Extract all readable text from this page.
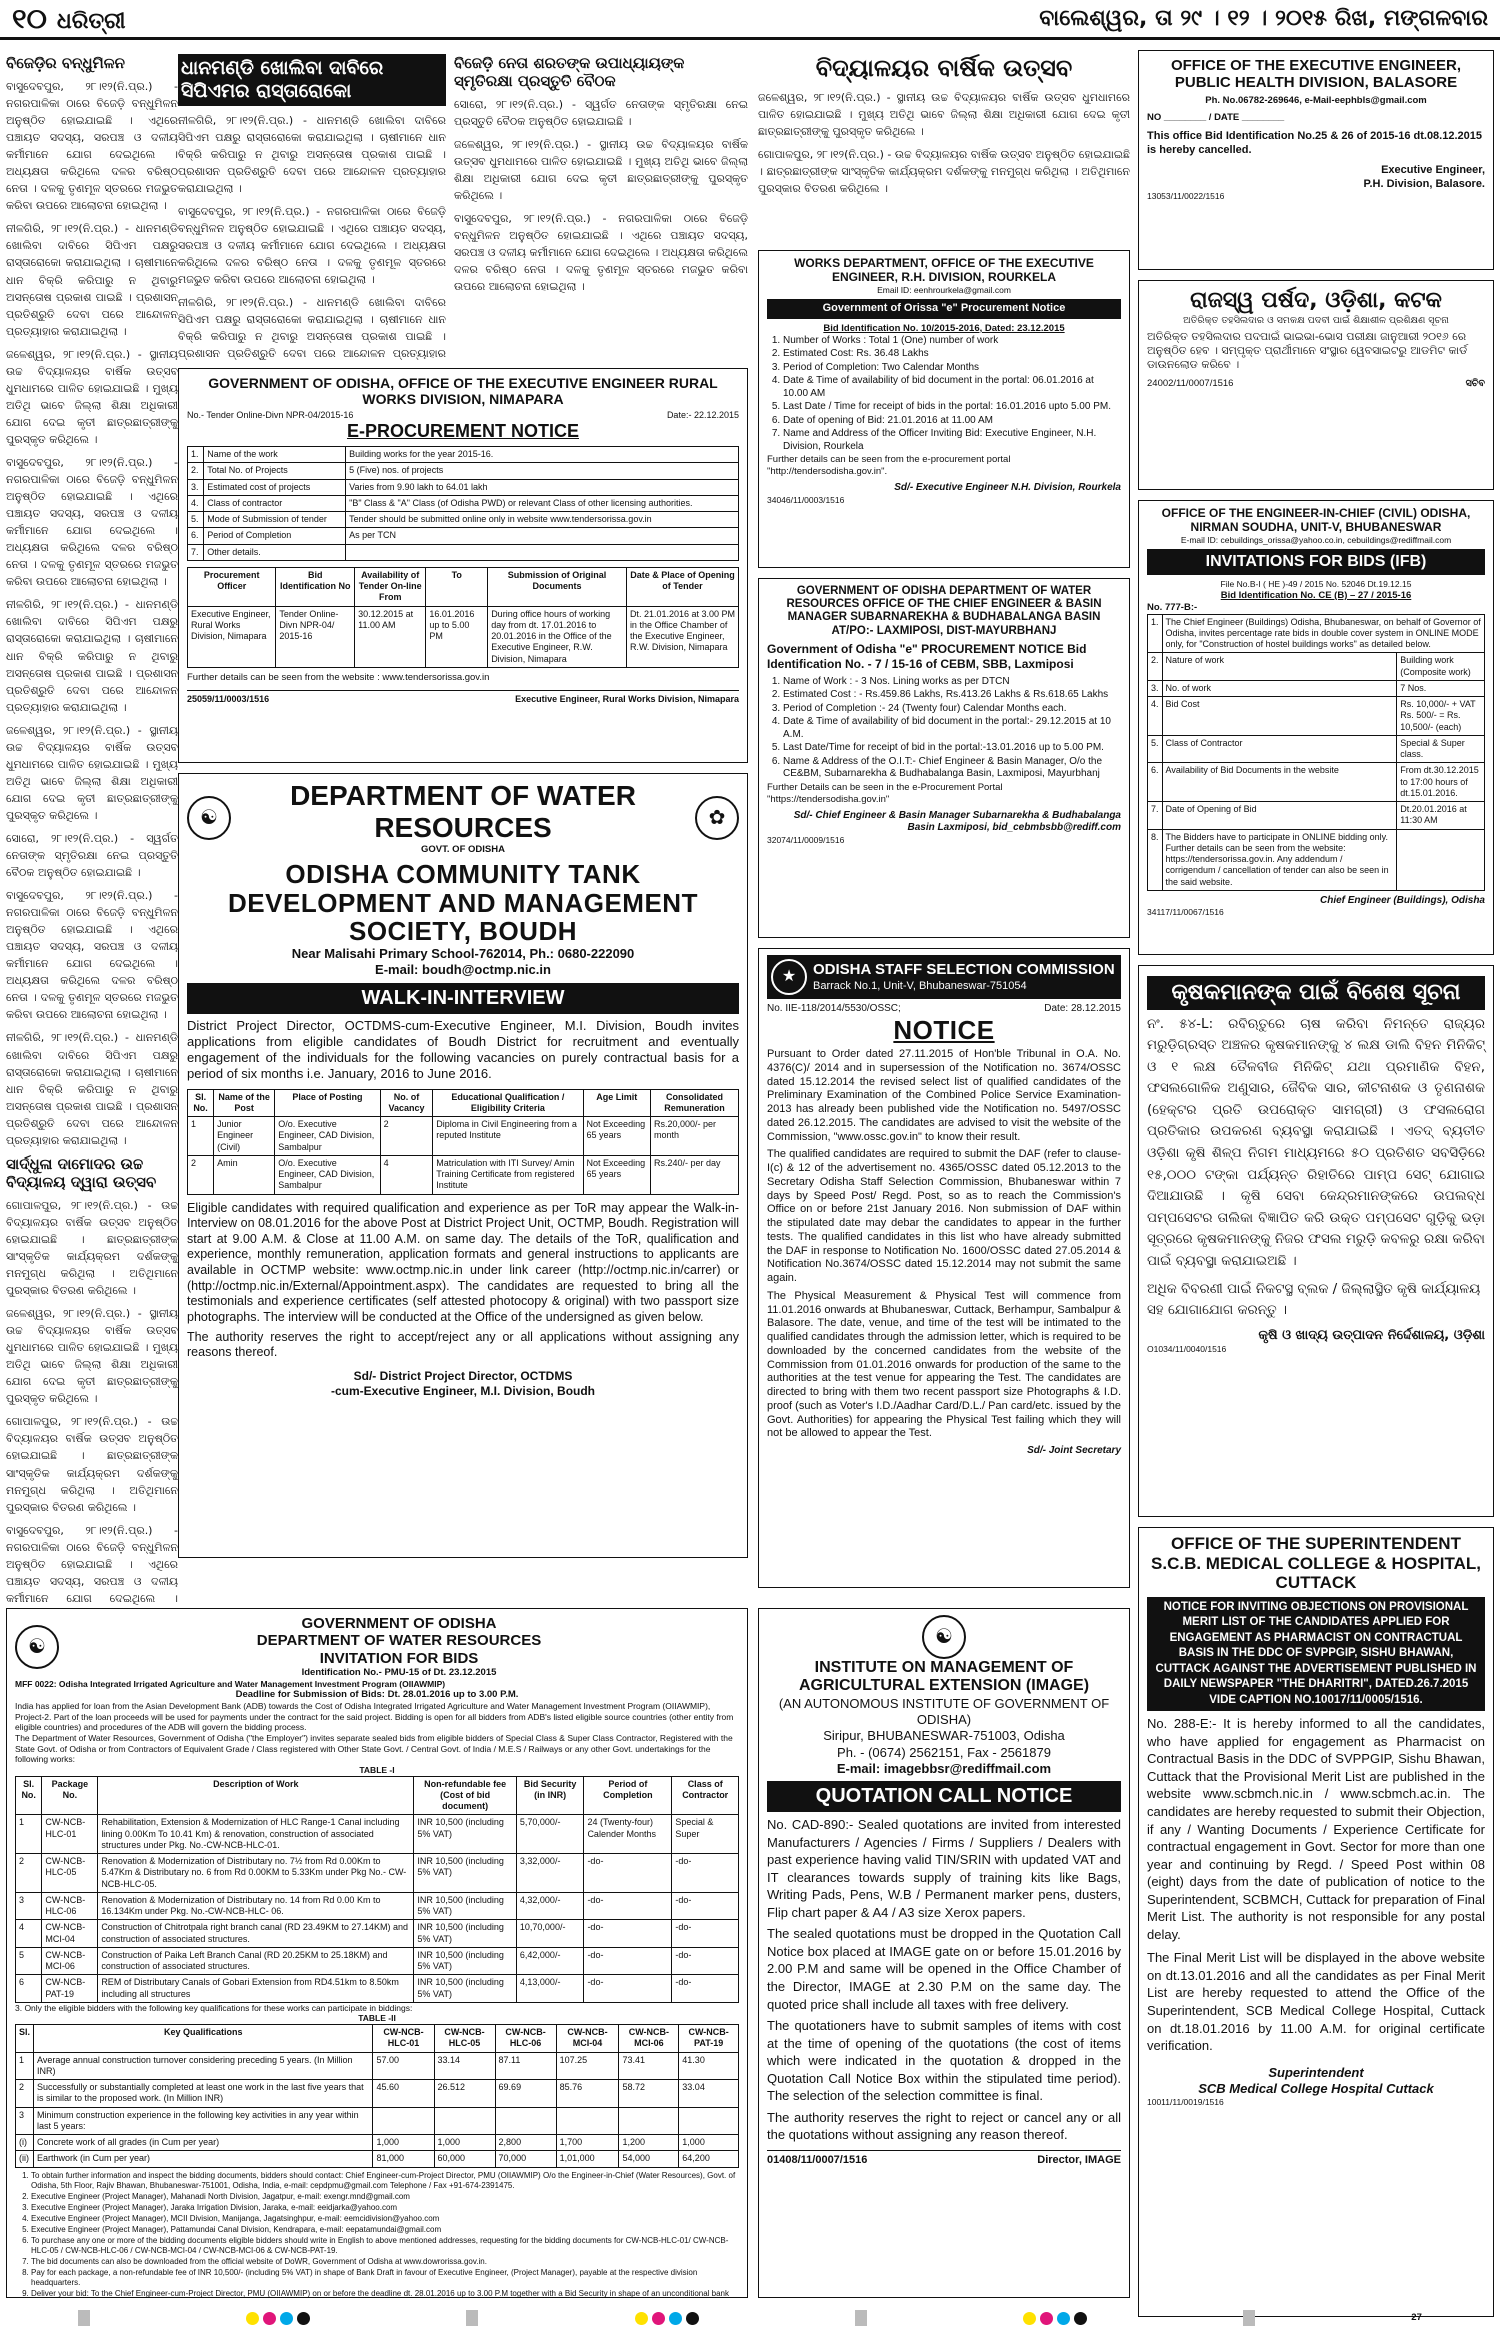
୧୦ ଧରିତ୍ରୀ	ବାଲେଶ୍ୱର, ତା ୨୯ । ୧୨ । ୨୦୧୫ ରିଖ, ମଙ୍ଗଳବାର
ବିଜେଡ଼ିର ବନ୍ଧୁମିଳନ

ବାସୁଦେବପୁର, ୨୮।୧୨(ନି.ପ୍ର.) - ନଗରପାଳିକା ଠାରେ ବିଜେଡ଼ି ବନ୍ଧୁମିଳନ ଅନୁଷ୍ଠିତ ହୋଇଯାଇଛି । ଏଥିରେ ପଞ୍ଚାୟତ ସଦସ୍ୟ, ସରପଞ୍ଚ ଓ ଦଳୀୟ କର୍ମୀମାନେ ଯୋଗ ଦେଇଥିଲେ । ଅଧ୍ୟକ୍ଷତା କରିଥିଲେ ଦଳର ବରିଷ୍ଠ ନେତା । ଦଳକୁ ତୃଣମୂଳ ସ୍ତରରେ ମଜଭୁତ କରିବା ଉପରେ ଆଲୋଚନା ହୋଇଥିଲା ।

ନୀଳଗିରି, ୨୮।୧୨(ନି.ପ୍ର.) - ଧାନମଣ୍ଡି ଖୋଲିବା ଦାବିରେ ସିପିଏମ ପକ୍ଷରୁ ରାସ୍ତାରୋକୋ କରାଯାଇଥିଲା । ଚାଷୀମାନେ ଧାନ ବିକ୍ରି କରିପାରୁ ନ ଥିବାରୁ ଅସନ୍ତୋଷ ପ୍ରକାଶ ପାଇଛି । ପ୍ରଶାସନ ପ୍ରତିଶ୍ରୁତି ଦେବା ପରେ ଆନ୍ଦୋଳନ ପ୍ରତ୍ୟାହାର କରାଯାଇଥିଲା ।

ଜଳେଶ୍ୱର, ୨୮।୧୨(ନି.ପ୍ର.) - ସ୍ଥାନୀୟ ଉଚ୍ଚ ବିଦ୍ୟାଳୟର ବାର୍ଷିକ ଉତ୍ସବ ଧୁମଧାମରେ ପାଳିତ ହୋଇଯାଇଛି । ମୁଖ୍ୟ ଅତିଥି ଭାବେ ଜିଲ୍ଲା ଶିକ୍ଷା ଅଧିକାରୀ ଯୋଗ ଦେଇ କୃତୀ ଛାତ୍ରଛାତ୍ରୀଙ୍କୁ ପୁରସ୍କୃତ କରିଥିଲେ ।

ବାସୁଦେବପୁର, ୨୮।୧୨(ନି.ପ୍ର.) - ନଗରପାଳିକା ଠାରେ ବିଜେଡ଼ି ବନ୍ଧୁମିଳନ ଅନୁଷ୍ଠିତ ହୋଇଯାଇଛି । ଏଥିରେ ପଞ୍ଚାୟତ ସଦସ୍ୟ, ସରପଞ୍ଚ ଓ ଦଳୀୟ କର୍ମୀମାନେ ଯୋଗ ଦେଇଥିଲେ । ଅଧ୍ୟକ୍ଷତା କରିଥିଲେ ଦଳର ବରିଷ୍ଠ ନେତା । ଦଳକୁ ତୃଣମୂଳ ସ୍ତରରେ ମଜଭୁତ କରିବା ଉପରେ ଆଲୋଚନା ହୋଇଥିଲା ।

ନୀଳଗିରି, ୨୮।୧୨(ନି.ପ୍ର.) - ଧାନମଣ୍ଡି ଖୋଲିବା ଦାବିରେ ସିପିଏମ ପକ୍ଷରୁ ରାସ୍ତାରୋକୋ କରାଯାଇଥିଲା । ଚାଷୀମାନେ ଧାନ ବିକ୍ରି କରିପାରୁ ନ ଥିବାରୁ ଅସନ୍ତୋଷ ପ୍ରକାଶ ପାଇଛି । ପ୍ରଶାସନ ପ୍ରତିଶ୍ରୁତି ଦେବା ପରେ ଆନ୍ଦୋଳନ ପ୍ରତ୍ୟାହାର କରାଯାଇଥିଲା ।

ଜଳେଶ୍ୱର, ୨୮।୧୨(ନି.ପ୍ର.) - ସ୍ଥାନୀୟ ଉଚ୍ଚ ବିଦ୍ୟାଳୟର ବାର୍ଷିକ ଉତ୍ସବ ଧୁମଧାମରେ ପାଳିତ ହୋଇଯାଇଛି । ମୁଖ୍ୟ ଅତିଥି ଭାବେ ଜିଲ୍ଲା ଶିକ୍ଷା ଅଧିକାରୀ ଯୋଗ ଦେଇ କୃତୀ ଛାତ୍ରଛାତ୍ରୀଙ୍କୁ ପୁରସ୍କୃତ କରିଥିଲେ ।

ସୋରୋ, ୨୮।୧୨(ନି.ପ୍ର.) - ସ୍ୱର୍ଗତ ନେତାଙ୍କ ସ୍ମୃତିରକ୍ଷା ନେଇ ପ୍ରସ୍ତୁତି ବୈଠକ ଅନୁଷ୍ଠିତ ହୋଇଯାଇଛି ।

ବାସୁଦେବପୁର, ୨୮।୧୨(ନି.ପ୍ର.) - ନଗରପାଳିକା ଠାରେ ବିଜେଡ଼ି ବନ୍ଧୁମିଳନ ଅନୁଷ୍ଠିତ ହୋଇଯାଇଛି । ଏଥିରେ ପଞ୍ଚାୟତ ସଦସ୍ୟ, ସରପଞ୍ଚ ଓ ଦଳୀୟ କର୍ମୀମାନେ ଯୋଗ ଦେଇଥିଲେ । ଅଧ୍ୟକ୍ଷତା କରିଥିଲେ ଦଳର ବରିଷ୍ଠ ନେତା । ଦଳକୁ ତୃଣମୂଳ ସ୍ତରରେ ମଜଭୁତ କରିବା ଉପରେ ଆଲୋଚନା ହୋଇଥିଲା ।

ନୀଳଗିରି, ୨୮।୧୨(ନି.ପ୍ର.) - ଧାନମଣ୍ଡି ଖୋଲିବା ଦାବିରେ ସିପିଏମ ପକ୍ଷରୁ ରାସ୍ତାରୋକୋ କରାଯାଇଥିଲା । ଚାଷୀମାନେ ଧାନ ବିକ୍ରି କରିପାରୁ ନ ଥିବାରୁ ଅସନ୍ତୋଷ ପ୍ରକାଶ ପାଇଛି । ପ୍ରଶାସନ ପ୍ରତିଶ୍ରୁତି ଦେବା ପରେ ଆନ୍ଦୋଳନ ପ୍ରତ୍ୟାହାର କରାଯାଇଥିଲା ।

ସାର୍ଦ୍ଧୁଳା ଦାମୋଦର ଉଚ୍ଚ ବିଦ୍ୟାଳୟ ଦ୍ୱାରା ଉତ୍ସବ

ଗୋପାଳପୁର, ୨୮।୧୨(ନି.ପ୍ର.) - ଉଚ୍ଚ ବିଦ୍ୟାଳୟର ବାର୍ଷିକ ଉତ୍ସବ ଅନୁଷ୍ଠିତ ହୋଇଯାଇଛି । ଛାତ୍ରଛାତ୍ରୀଙ୍କ ସାଂସ୍କୃତିକ କାର୍ଯ୍ୟକ୍ରମ ଦର୍ଶକଙ୍କୁ ମନମୁଗ୍ଧ କରିଥିଲା । ଅତିଥିମାନେ ପୁରସ୍କାର ବିତରଣ କରିଥିଲେ ।

ଜଳେଶ୍ୱର, ୨୮।୧୨(ନି.ପ୍ର.) - ସ୍ଥାନୀୟ ଉଚ୍ଚ ବିଦ୍ୟାଳୟର ବାର୍ଷିକ ଉତ୍ସବ ଧୁମଧାମରେ ପାଳିତ ହୋଇଯାଇଛି । ମୁଖ୍ୟ ଅତିଥି ଭାବେ ଜିଲ୍ଲା ଶିକ୍ଷା ଅଧିକାରୀ ଯୋଗ ଦେଇ କୃତୀ ଛାତ୍ରଛାତ୍ରୀଙ୍କୁ ପୁରସ୍କୃତ କରିଥିଲେ ।

ଗୋପାଳପୁର, ୨୮।୧୨(ନି.ପ୍ର.) - ଉଚ୍ଚ ବିଦ୍ୟାଳୟର ବାର୍ଷିକ ଉତ୍ସବ ଅନୁଷ୍ଠିତ ହୋଇଯାଇଛି । ଛାତ୍ରଛାତ୍ରୀଙ୍କ ସାଂସ୍କୃତିକ କାର୍ଯ୍ୟକ୍ରମ ଦର୍ଶକଙ୍କୁ ମନମୁଗ୍ଧ କରିଥିଲା । ଅତିଥିମାନେ ପୁରସ୍କାର ବିତରଣ କରିଥିଲେ ।

ବାସୁଦେବପୁର, ୨୮।୧୨(ନି.ପ୍ର.) - ନଗରପାଳିକା ଠାରେ ବିଜେଡ଼ି ବନ୍ଧୁମିଳନ ଅନୁଷ୍ଠିତ ହୋଇଯାଇଛି । ଏଥିରେ ପଞ୍ଚାୟତ ସଦସ୍ୟ, ସରପଞ୍ଚ ଓ ଦଳୀୟ କର୍ମୀମାନେ ଯୋଗ ଦେଇଥିଲେ ।

ଧାନମଣ୍ଡି ଖୋଲିବା ଦାବିରେ ସିପିଏମର ରାସ୍ତାରୋକୋ

ନୀଳଗିରି, ୨୮।୧୨(ନି.ପ୍ର.) - ଧାନମଣ୍ଡି ଖୋଲିବା ଦାବିରେ ସିପିଏମ ପକ୍ଷରୁ ରାସ୍ତାରୋକୋ କରାଯାଇଥିଲା । ଚାଷୀମାନେ ଧାନ ବିକ୍ରି କରିପାରୁ ନ ଥିବାରୁ ଅସନ୍ତୋଷ ପ୍ରକାଶ ପାଇଛି । ପ୍ରଶାସନ ପ୍ରତିଶ୍ରୁତି ଦେବା ପରେ ଆନ୍ଦୋଳନ ପ୍ରତ୍ୟାହାର କରାଯାଇଥିଲା ।

ବାସୁଦେବପୁର, ୨୮।୧୨(ନି.ପ୍ର.) - ନଗରପାଳିକା ଠାରେ ବିଜେଡ଼ି ବନ୍ଧୁମିଳନ ଅନୁଷ୍ଠିତ ହୋଇଯାଇଛି । ଏଥିରେ ପଞ୍ଚାୟତ ସଦସ୍ୟ, ସରପଞ୍ଚ ଓ ଦଳୀୟ କର୍ମୀମାନେ ଯୋଗ ଦେଇଥିଲେ । ଅଧ୍ୟକ୍ଷତା କରିଥିଲେ ଦଳର ବରିଷ୍ଠ ନେତା । ଦଳକୁ ତୃଣମୂଳ ସ୍ତରରେ ମଜଭୁତ କରିବା ଉପରେ ଆଲୋଚନା ହୋଇଥିଲା ।

ନୀଳଗିରି, ୨୮।୧୨(ନି.ପ୍ର.) - ଧାନମଣ୍ଡି ଖୋଲିବା ଦାବିରେ ସିପିଏମ ପକ୍ଷରୁ ରାସ୍ତାରୋକୋ କରାଯାଇଥିଲା । ଚାଷୀମାନେ ଧାନ ବିକ୍ରି କରିପାରୁ ନ ଥିବାରୁ ଅସନ୍ତୋଷ ପ୍ରକାଶ ପାଇଛି । ପ୍ରଶାସନ ପ୍ରତିଶ୍ରୁତି ଦେବା ପରେ ଆନ୍ଦୋଳନ ପ୍ରତ୍ୟାହାର

ବିଜେଡ଼ି ନେତା ଶରତଙ୍କ ଉପାଧ୍ୟାୟଙ୍କ ସ୍ମୃତିରକ୍ଷା ପ୍ରସ୍ତୁତି ବୈଠକ

ସୋରୋ, ୨୮।୧୨(ନି.ପ୍ର.) - ସ୍ୱର୍ଗତ ନେତାଙ୍କ ସ୍ମୃତିରକ୍ଷା ନେଇ ପ୍ରସ୍ତୁତି ବୈଠକ ଅନୁଷ୍ଠିତ ହୋଇଯାଇଛି ।

ଜଳେଶ୍ୱର, ୨୮।୧୨(ନି.ପ୍ର.) - ସ୍ଥାନୀୟ ଉଚ୍ଚ ବିଦ୍ୟାଳୟର ବାର୍ଷିକ ଉତ୍ସବ ଧୁମଧାମରେ ପାଳିତ ହୋଇଯାଇଛି । ମୁଖ୍ୟ ଅତିଥି ଭାବେ ଜିଲ୍ଲା ଶିକ୍ଷା ଅଧିକାରୀ ଯୋଗ ଦେଇ କୃତୀ ଛାତ୍ରଛାତ୍ରୀଙ୍କୁ ପୁରସ୍କୃତ କରିଥିଲେ ।

ବାସୁଦେବପୁର, ୨୮।୧୨(ନି.ପ୍ର.) - ନଗରପାଳିକା ଠାରେ ବିଜେଡ଼ି ବନ୍ଧୁମିଳନ ଅନୁଷ୍ଠିତ ହୋଇଯାଇଛି । ଏଥିରେ ପଞ୍ଚାୟତ ସଦସ୍ୟ, ସରପଞ୍ଚ ଓ ଦଳୀୟ କର୍ମୀମାନେ ଯୋଗ ଦେଇଥିଲେ । ଅଧ୍ୟକ୍ଷତା କରିଥିଲେ ଦଳର ବରିଷ୍ଠ ନେତା । ଦଳକୁ ତୃଣମୂଳ ସ୍ତରରେ ମଜଭୁତ କରିବା ଉପରେ ଆଲୋଚନା ହୋଇଥିଲା ।

GOVERNMENT OF ODISHA, OFFICE OF THE EXECUTIVE ENGINEER RURAL WORKS DIVISION, NIMAPARA
No.- Tender Online-Divn NPR-04/2015-16	Date:- 22.12.2015
E-PROCUREMENT NOTICE
1.	Name of the work	Building works for the year 2015-16.
2.	Total No. of Projects	5 (Five) nos. of projects
3.	Estimated cost of projects	Varies from 9.90 lakh to 64.01 lakh
4.	Class of contractor	"B" Class & "A" Class (of Odisha PWD) or relevant Class of other licensing authorities.
5.	Mode of Submission of tender	Tender should be submitted online only in website www.tendersorissa.gov.in
6.	Period of Completion	As per TCN
7.	Other details.	
Procurement Officer	Bid Identification No	Availability of Tender On-line From	To	Submission of Original Documents	Date & Place of Opening of Tender
Executive Engineer, Rural Works Division, Nimapara	Tender Online-Divn NPR-04/ 2015-16	30.12.2015 at 11.00 AM	16.01.2016 up to 5.00 PM	During office hours of working day from dt. 17.01.2016 to 20.01.2016 in the Office of the Executive Engineer, R.W. Division, Nimapara	Dt. 21.01.2016 at 3.00 PM in the Office Chamber of the Executive Engineer, R.W. Division, Nimapara
Further details can be seen from the website : www.tendersorissa.gov.in
25059/11/0003/1516	Executive Engineer, Rural Works Division, Nimapara
☯
DEPARTMENT OF WATER RESOURCES
GOVT. OF ODISHA
✿
ODISHA COMMUNITY TANK DEVELOPMENT AND MANAGEMENT SOCIETY, BOUDH
Near Malisahi Primary School-762014, Ph.: 0680-222090
E-mail: boudh@octmp.nic.in
WALK-IN-INTERVIEW

District Project Director, OCTDMS-cum-Executive Engineer, M.I. Division, Boudh invites applications from eligible candidates of Boudh District for recruitment and eventually engagement of the individuals for the following vacancies on purely contractual basis for a period of six months i.e. January, 2016 to June 2016.

Sl. No.	Name of the Post	Place of Posting	No. of Vacancy	Educational Qualification / Eligibility Criteria	Age Limit	Consolidated Remuneration
1	Junior Engineer (Civil)	O/o. Executive Engineer, CAD Division, Sambalpur	2	Diploma in Civil Engineering from a reputed Institute	Not Exceeding 65 years	Rs.20,000/- per month
2	Amin	O/o. Executive Engineer, CAD Division, Sambalpur	4	Matriculation with ITI Survey/ Amin Training Certificate from registered Institute	Not Exceeding 65 years	Rs.240/- per day

Eligible candidates with required qualification and experience as per ToR may appear the Walk-in-Interview on 08.01.2016 for the above Post at District Project Unit, OCTMP, Boudh. Registration will start at 9.00 A.M. & Close at 11.00 A.M. on same day. The details of the ToR, qualification and experience, monthly remuneration, application formats and general instructions to applicants are available in OCTMP website: www.octmp.nic.in under link career (http://octmp.nic.in/carrer) or (http://octmp.nic.in/External/Appointment.aspx). The candidates are requested to bring all the testimonials and experience certificates (self attested photocopy & original) with two passport size photographs. The interview will be conducted at the Office of the undersigned as given below.

The authority reserves the right to accept/reject any or all applications without assigning any reasons thereof.

Sd/- District Project Director, OCTDMS
-cum-Executive Engineer, M.I. Division, Boudh
ବିଦ୍ୟାଳୟର ବାର୍ଷିକ ଉତ୍ସବ

ଜଳେଶ୍ୱର, ୨୮।୧୨(ନି.ପ୍ର.) - ସ୍ଥାନୀୟ ଉଚ୍ଚ ବିଦ୍ୟାଳୟର ବାର୍ଷିକ ଉତ୍ସବ ଧୁମଧାମରେ ପାଳିତ ହୋଇଯାଇଛି । ମୁଖ୍ୟ ଅତିଥି ଭାବେ ଜିଲ୍ଲା ଶିକ୍ଷା ଅଧିକାରୀ ଯୋଗ ଦେଇ କୃତୀ ଛାତ୍ରଛାତ୍ରୀଙ୍କୁ ପୁରସ୍କୃତ କରିଥିଲେ ।

ଗୋପାଳପୁର, ୨୮।୧୨(ନି.ପ୍ର.) - ଉଚ୍ଚ ବିଦ୍ୟାଳୟର ବାର୍ଷିକ ଉତ୍ସବ ଅନୁଷ୍ଠିତ ହୋଇଯାଇଛି । ଛାତ୍ରଛାତ୍ରୀଙ୍କ ସାଂସ୍କୃତିକ କାର୍ଯ୍ୟକ୍ରମ ଦର୍ଶକଙ୍କୁ ମନମୁଗ୍ଧ କରିଥିଲା । ଅତିଥିମାନେ ପୁରସ୍କାର ବିତରଣ କରିଥିଲେ ।

WORKS DEPARTMENT, OFFICE OF THE EXECUTIVE ENGINEER, R.H. DIVISION, ROURKELA
Email ID: eenhrourkela@gmail.com
Government of Orissa "e" Procurement Notice
Bid Identification No. 10/2015-2016, Dated: 23.12.2015
1. Number of Works : Total 1 (One) number of work
2. Estimated Cost: Rs. 36.48 Lakhs
3. Period of Completion: Two Calendar Months
4. Date & Time of availability of bid document in the portal: 06.01.2016 at 10.00 AM
5. Last Date / Time for receipt of bids in the portal: 16.01.2016 upto 5.00 PM.
6. Date of opening of Bid: 21.01.2016 at 11.00 AM
7. Name and Address of the Officer Inviting Bid: Executive Engineer, N.H. Division, Rourkela
Further details can be seen from the e-procurement portal "http://tendersodisha.gov.in".
Sd/- Executive Engineer N.H. Division, Rourkela
34046/11/0003/1516
GOVERNMENT OF ODISHA DEPARTMENT OF WATER RESOURCES OFFICE OF THE CHIEF ENGINEER & BASIN MANAGER SUBARNAREKHA & BUDHABALANGA BASIN AT/PO:- LAXMIPOSI, DIST-MAYURBHANJ
Government of Odisha "e" PROCUREMENT NOTICE Bid Identification No. - 7 / 15-16 of CEBM, SBB, Laxmiposi
1. Name of Work : - 3 Nos. Lining works as per DTCN
2. Estimated Cost : - Rs.459.86 Lakhs, Rs.413.26 Lakhs & Rs.618.65 Lakhs
3. Period of Completion :- 24 (Twenty four) Calendar Months each.
4. Date & Time of availability of bid document in the portal:- 29.12.2015 at 10 A.M.
5. Last Date/Time for receipt of bid in the portal:-13.01.2016 up to 5.00 PM.
6. Name & Address of the O.I.T:- Chief Engineer & Basin Manager, O/o the CE&BM, Subarnarekha & Budhabalanga Basin, Laxmiposi, Mayurbhanj
Further Details can be seen in the e-Procurement Portal "https://tendersodisha.gov.in"
Sd/- Chief Engineer & Basin Manager Subarnarekha & Budhabalanga Basin Laxmiposi, bid_cebmbsbb@rediff.com
32074/11/0009/1516
★	ODISHA STAFF SELECTION COMMISSION
Barrack No.1, Unit-V, Bhubaneswar-751054
No. IIE-118/2014/5530/OSSC;	Date: 28.12.2015
NOTICE

Pursuant to Order dated 27.11.2015 of Hon'ble Tribunal in O.A. No. 4376(C)/ 2014 and in supersession of the Notification no. 3674/OSSC dated 15.12.2014 the revised select list of qualified candidates of the Preliminary Examination of the Combined Police Service Examination-2013 has already been published vide the Notification no. 5497/OSSC dated 26.12.2015. The candidates are advised to visit the website of the Commission, "www.ossc.gov.in" to know their result.

The qualified candidates are required to submit the DAF (refer to clause-I(c) & 12 of the advertisement no. 4365/OSSC dated 05.12.2013 to the Secretary Odisha Staff Selection Commission, Bhubaneswar within 7 days by Speed Post/ Regd. Post, so as to reach the Commission's Office on or before 21st January 2016. Non submission of DAF within the stipulated date may debar the candidates to appear in the further tests. The qualified candidates in this list who have already submitted the DAF in response to Notification No. 1600/OSSC dated 27.05.2014 & Notification No.3674/OSSC dated 15.12.2014 may not submit the same again.

The Physical Measurement & Physical Test will commence from 11.01.2016 onwards at Bhubaneswar, Cuttack, Berhampur, Sambalpur & Balasore. The date, venue, and time of the test will be intimated to the qualified candidates through the admission letter, which is required to be downloaded by the concerned candidates from the website of the Commission from 01.01.2016 onwards for production of the same to the authorities at the test venue for appearing the Test. The candidates are directed to bring with them two recent passport size Photographs & I.D. proof (such as Voter's I.D./Aadhar Card/D.L./ Pan card/etc. issued by the Govt. Authorities) for appearing the Physical Test failing which they will not be allowed to appear the Test.

Sd/- Joint Secretary
OFFICE OF THE EXECUTIVE ENGINEER, PUBLIC HEALTH DIVISION, BALASORE
Ph. No.06782-269646, e-Mail-eephbls@gmail.com
NO ________ / DATE ________

This office Bid Identification No.25 & 26 of 2015-16 dt.08.12.2015 is hereby cancelled.

Executive Engineer,
P.H. Division, Balasore.
13053/11/0022/1516
ରାଜସ୍ୱ ପର୍ଷଦ, ଓଡ଼ିଶା, କଟକ
ଅତିରିକ୍ତ ତହସିଲଦାର ଓ ସମକକ୍ଷ ପଦବୀ ପାଇଁ ଶିକ୍ଷାଶୀଳ ପ୍ରଶିକ୍ଷଣ ସୂଚନା

ଅତିରିକ୍ତ ତହସିଲଦାର ପଦପାଇଁ ଭାଇଭା-ଭୋସ ପରୀକ୍ଷା ଜାନୁଆରୀ ୨୦୧୬ ରେ ଅନୁଷ୍ଠିତ ହେବ । ସମ୍ପୃକ୍ତ ପ୍ରାର୍ଥୀମାନେ ସଂସ୍ଥାର ୱେବସାଇଟରୁ ଆଡମିଟ କାର୍ଡ ଡାଉନଲୋଡ କରିବେ ।

24002/11/0007/1516	ସଚିବ
OFFICE OF THE ENGINEER-IN-CHIEF (CIVIL) ODISHA, NIRMAN SOUDHA, UNIT-V, BHUBANESWAR
E-mail ID: cebuildings_orissa@yahoo.co.in, cebuildings@rediffmail.com
INVITATIONS FOR BIDS (IFB)
File No.B-I ( HE )-49 / 2015 No. 52046 Dt.19.12.15
Bid Identification No. CE (B) – 27 / 2015-16
No. 777-B:-
1.	The Chief Engineer (Buildings) Odisha, Bhubaneswar, on behalf of Governor of Odisha, invites percentage rate bids in double cover system in ONLINE MODE only, for "Construction of hostel buildings works" as detailed below.	
2.	Nature of work	Building work (Composite work)
3.	No. of work	7 Nos.
4.	Bid Cost	Rs. 10,000/- + VAT Rs. 500/- = Rs. 10,500/- (each)
5.	Class of Contractor	Special & Super class.
6.	Availability of Bid Documents in the website	From dt.30.12.2015 to 17:00 hours of dt.15.01.2016.
7.	Date of Opening of Bid	Dt.20.01.2016 at 11:30 AM
8.	The Bidders have to participate in ONLINE bidding only. Further details can be seen from the website: https://tendersorissa.gov.in. Any addendum / corrigendum / cancellation of tender can also be seen in the said website.	
Chief Engineer (Buildings), Odisha
34117/11/0067/1516
କୃଷକମାନଙ୍କ ପାଇଁ ବିଶେଷ ସୂଚନା

ନଂ. ୫୪-L: ରବିଋତୁରେ ଚାଷ କରିବା ନିମନ୍ତେ ରାଜ୍ୟର ମରୁଡ଼ିଗ୍ରସ୍ତ ଅଞ୍ଚଳର କୃଷକମାନଙ୍କୁ ୪ ଲକ୍ଷ ଡାଲି ବିହନ ମିନିକିଟ୍ ଓ ୧ ଲକ୍ଷ ତୈଳବୀଜ ମିନିକିଟ୍ ଯଥା ପ୍ରମାଣିକ ବିହନ, ଫସଲଗୋଳିକ ଅଣୁସାର, ଜୈବିକ ସାର, କୀଟନାଶକ ଓ ତୃଣନାଶକ (ହେକ୍ଟର ପ୍ରତି ଉପରୋକ୍ତ ସାମଗ୍ରୀ) ଓ ଫସଲରୋଗ ପ୍ରତିକାର ଉପକରଣ ବ୍ୟବସ୍ଥା କରାଯାଇଛି । ଏତଦ୍ ବ୍ୟତୀତ ଓଡ଼ିଶା କୃଷି ଶିଳ୍ପ ନିଗମ ମାଧ୍ୟମରେ ୫୦ ପ୍ରତିଶତ ସବସିଡ଼ିରେ ୧୫,୦୦୦ ଟଙ୍କା ପର୍ଯ୍ୟନ୍ତ ରିହାତିରେ ପାମ୍ପ ସେଟ୍ ଯୋଗାଇ ଦିଆଯାଉଛି । କୃଷି ସେବା କେନ୍ଦ୍ରମାନଙ୍କରେ ଉପଲବ୍ଧ ପମ୍ପସେଟର ତାଲିକା ବିଜ୍ଞାପିତ କରି ଉକ୍ତ ପମ୍ପସେଟ ଗୁଡ଼ିକୁ ଭଡ଼ା ସୂତ୍ରରେ କୃଷକମାନଙ୍କୁ ନିଜର ଫସଲ ମରୁଡ଼ି କବଳରୁ ରକ୍ଷା କରିବା ପାଇଁ ବ୍ୟବସ୍ଥା କରାଯାଇଅଛି ।

ଅଧିକ ବିବରଣୀ ପାଇଁ ନିକଟସ୍ଥ ବ୍ଲକ / ଜିଲ୍ଲାସ୍ଥିତ କୃଷି କାର୍ଯ୍ୟାଳୟ ସହ ଯୋଗାଯୋଗ କରନ୍ତୁ ।

କୃଷି ଓ ଖାଦ୍ୟ ଉତ୍ପାଦନ ନିର୍ଦ୍ଦେଶାଳୟ, ଓଡ଼ିଶା
O1034/11/0040/1516
OFFICE OF THE SUPERINTENDENT
S.C.B. MEDICAL COLLEGE & HOSPITAL, CUTTACK
NOTICE FOR INVITING OBJECTIONS ON PROVISIONAL MERIT LIST OF THE CANDIDATES APPLIED FOR ENGAGEMENT AS PHARMACIST ON CONTRACTUAL BASIS IN THE DDC OF SVPPGIP, SISHU BHAWAN, CUTTACK AGAINST THE ADVERTISEMENT PUBLISHED IN DAILY NEWSPAPER "THE DHARITRI", DATED.26.7.2015 VIDE CAPTION NO.10017/11/0005/1516.

No. 288-E:- It is hereby informed to all the candidates, who have applied for engagement as Pharmacist on Contractual Basis in the DDC of SVPPGIP, Sishu Bhawan, Cuttack that the Provisional Merit List are published in the website www.scbmch.nic.in / www.scbmch.ac.in. The candidates are hereby requested to submit their Objection, if any / Wanting Documents / Experience Certificate for contractual engagement in Govt. Sector for more than one year and continuing by Regd. / Speed Post within 08 (eight) days from the date of publication of notice to the Superintendent, SCBMCH, Cuttack for preparation of Final Merit List. The authority is not responsible for any postal delay.

The Final Merit List will be displayed in the above website on dt.13.01.2016 and all the candidates as per Final Merit List are hereby requested to attend the Office of the Superintendent, SCB Medical College Hospital, Cuttack on dt.18.01.2016 by 11.00 A.M. for original certificate verification.

Superintendent
SCB Medical College Hospital Cuttack
10011/11/0019/1516
☯
GOVERNMENT OF ODISHA
DEPARTMENT OF WATER RESOURCES
INVITATION FOR BIDS
Identification No.- PMU-15 of Dt. 23.12.2015
MFF 0022: Odisha Integrated Irrigated Agriculture and Water Management Investment Program (OIIAWMIP)
Deadline for Submission of Bids: Dt. 28.01.2016 up to 3.00 P.M.

India has applied for loan from the Asian Development Bank (ADB) towards the Cost of Odisha Integrated Irrigated Agriculture and Water Management Investment Program (OIIAWMIP), Project-2. Part of the loan proceeds will be used for payments under the contract for the said project. Bidding is open for all bidders from ADB's listed eligible source countries (other entity from eligible countries) and procedures of the ADB will govern the bidding process.

The Department of Water Resources, Government of Odisha ("the Employer") invites separate sealed bids from eligible bidders of Special Class & Super Class Contractor, Registered with the State Govt. of Odisha or from Contractors of Equivalent Grade / Class registered with Other State Govt. / Central Govt. of India / M.E.S / Railways or any other Govt. undertakings for the following works:

TABLE -I
Sl. No.	Package No.	Description of Work	Non-refundable fee (Cost of bid document)	Bid Security (in INR)	Period of Completion	Class of Contractor
1	CW-NCB-HLC-01	Rehabilitation, Extension & Modernization of HLC Range-1 Canal including lining 0.00Km To 10.41 Km) & renovation, construction of associated structures under Pkg. No.-CW-NCB-HLC-01.	INR 10,500 (including 5% VAT)	5,70,000/-	24 (Twenty-four) Calender Months	Special & Super
2	CW-NCB-HLC-05	Renovation & Modernization of Distributary no. 7½ from Rd 0.00Km to 5.47Km & Distributary no. 6 from Rd 0.00KM to 5.33Km under Pkg No.- CW-NCB-HLC-05.	INR 10,500 (including 5% VAT)	3,32,000/-	-do-	-do-
3	CW-NCB-HLC-06	Renovation & Modernization of Distributary no. 14 from Rd 0.00 Km to 16.134Km under Pkg. No.-CW-NCB-HLC- 06.	INR 10,500 (including 5% VAT)	4,32,000/-	-do-	-do-
4	CW-NCB-MCI-04	Construction of Chitrotpala right branch canal (RD 23.49KM to 27.14KM) and construction of associated structures.	INR 10,500 (including 5% VAT)	10,70,000/-	-do-	-do-
5	CW-NCB-MCI-06	Construction of Paika Left Branch Canal (RD 20.25KM to 25.18KM) and construction of associated structures.	INR 10,500 (including 5% VAT)	6,42,000/-	-do-	-do-
6	CW-NCB-PAT-19	REM of Distributary Canals of Gobari Extension from RD4.51km to 8.50km including all structures	INR 10,500 (including 5% VAT)	4,13,000/-	-do-	-do-
3. Only the eligible bidders with the following key qualifications for these works can participate in biddings:
TABLE -II
Sl.	Key Qualifications	CW-NCB-HLC-01	CW-NCB-HLC-05	CW-NCB-HLC-06	CW-NCB-MCI-04	CW-NCB-MCI-06	CW-NCB-PAT-19
1	Average annual construction turnover considering preceding 5 years. (In Million INR)	57.00	33.14	87.11	107.25	73.41	41.30
2	Successfully or substantially completed at least one work in the last five years that is similar to the proposed work. (In Million INR)	45.60	26.512	69.69	85.76	58.72	33.04
3	Minimum construction experience in the following key activities in any year within last 5 years:						
(i)	Concrete work of all grades (in Cum per year)	1,000	1,000	2,800	1,700	1,200	1,000
(ii)	Earthwork (in Cum per year)	81,000	60,000	70,000	1,01,000	54,000	64,200
1. To obtain further information and inspect the bidding documents, bidders should contact: Chief Engineer-cum-Project Director, PMU (OIIAWMIP) O/o the Engineer-in-Chief (Water Resources), Govt. of Odisha, 5th Floor, Rajiv Bhawan, Bhubaneswar-751001, Odisha, India, e-mail: cepdpmu@gmail.com Telephone / Fax +91-674-2391475.
2. Executive Engineer (Project Manager), Mahanadi North Division, Jagatpur, e-mail: exengr.mnd@gmail.com
3. Executive Engineer (Project Manager), Jaraka Irrigation Division, Jaraka, e-mail: eeidjarka@yahoo.com
4. Executive Engineer (Project Manager), MCII Division, Manijanga, Jagatsinghpur, e-mail: eemcidivision@yahoo.com
5. Executive Engineer (Project Manager), Pattamundai Canal Division, Kendrapara, e-mail: eepatamundai@gmail.com
6. To purchase any one or more of the bidding documents eligible bidders should write in English to above mentioned addresses, requesting for the bidding documents for CW-NCB-HLC-01/ CW-NCB-HLC-05 / CW-NCB-HLC-06 / CW-NCB-MCI-04 / CW-NCB-MCI-06 & CW-NCB-PAT-19.
7. The bid documents can also be downloaded from the official website of DoWR, Government of Odisha at www.dowrorissa.gov.in.
8. Pay for each package, a non-refundable fee of INR 10,500/- (including 5% VAT) in shape of Bank Draft in favour of Executive Engineer, (Project Manager), payable at the respective division headquarters.
9. Deliver your bid: To the Chief Engineer-cum-Project Director, PMU (OIIAWMIP) on or before the deadline dt. 28.01.2016 up to 3.00 P.M together with a Bid Security in shape of an unconditional bank
☯
INSTITUTE ON MANAGEMENT OF AGRICULTURAL EXTENSION (IMAGE)
(AN AUTONOMOUS INSTITUTE OF GOVERNMENT OF ODISHA)
Siripur, BHUBANESWAR-751003, Odisha
Ph. - (0674) 2562151, Fax - 2561879
E-mail: imagebbsr@rediffmail.com
QUOTATION CALL NOTICE

No. CAD-890:- Sealed quotations are invited from interested Manufacturers / Agencies / Firms / Suppliers / Dealers with past experience having valid TIN/SRIN with updated VAT and IT clearances towards supply of training kits like Bags, Writing Pads, Pens, W.B / Permanent marker pens, dusters, Flip chart paper & A4 / A3 size Xerox papers.

The sealed quotations must be dropped in the Quotation Call Notice box placed at IMAGE gate on or before 15.01.2016 by 2.00 P.M and same will be opened in the Office Chamber of the Director, IMAGE at 2.30 P.M on the same day. The quoted price shall include all taxes with free delivery.

The quotationers have to submit samples of items with cost at the time of opening of the quotations (the cost of items which were indicated in the quotation & dropped in the Quotation Call Notice Box within the stipulated time period). The selection of the selection committee is final.

The authority reserves the right to reject or cancel any or all the quotations without assigning any reason thereof.

01408/11/0007/1516	Director, IMAGE
27
